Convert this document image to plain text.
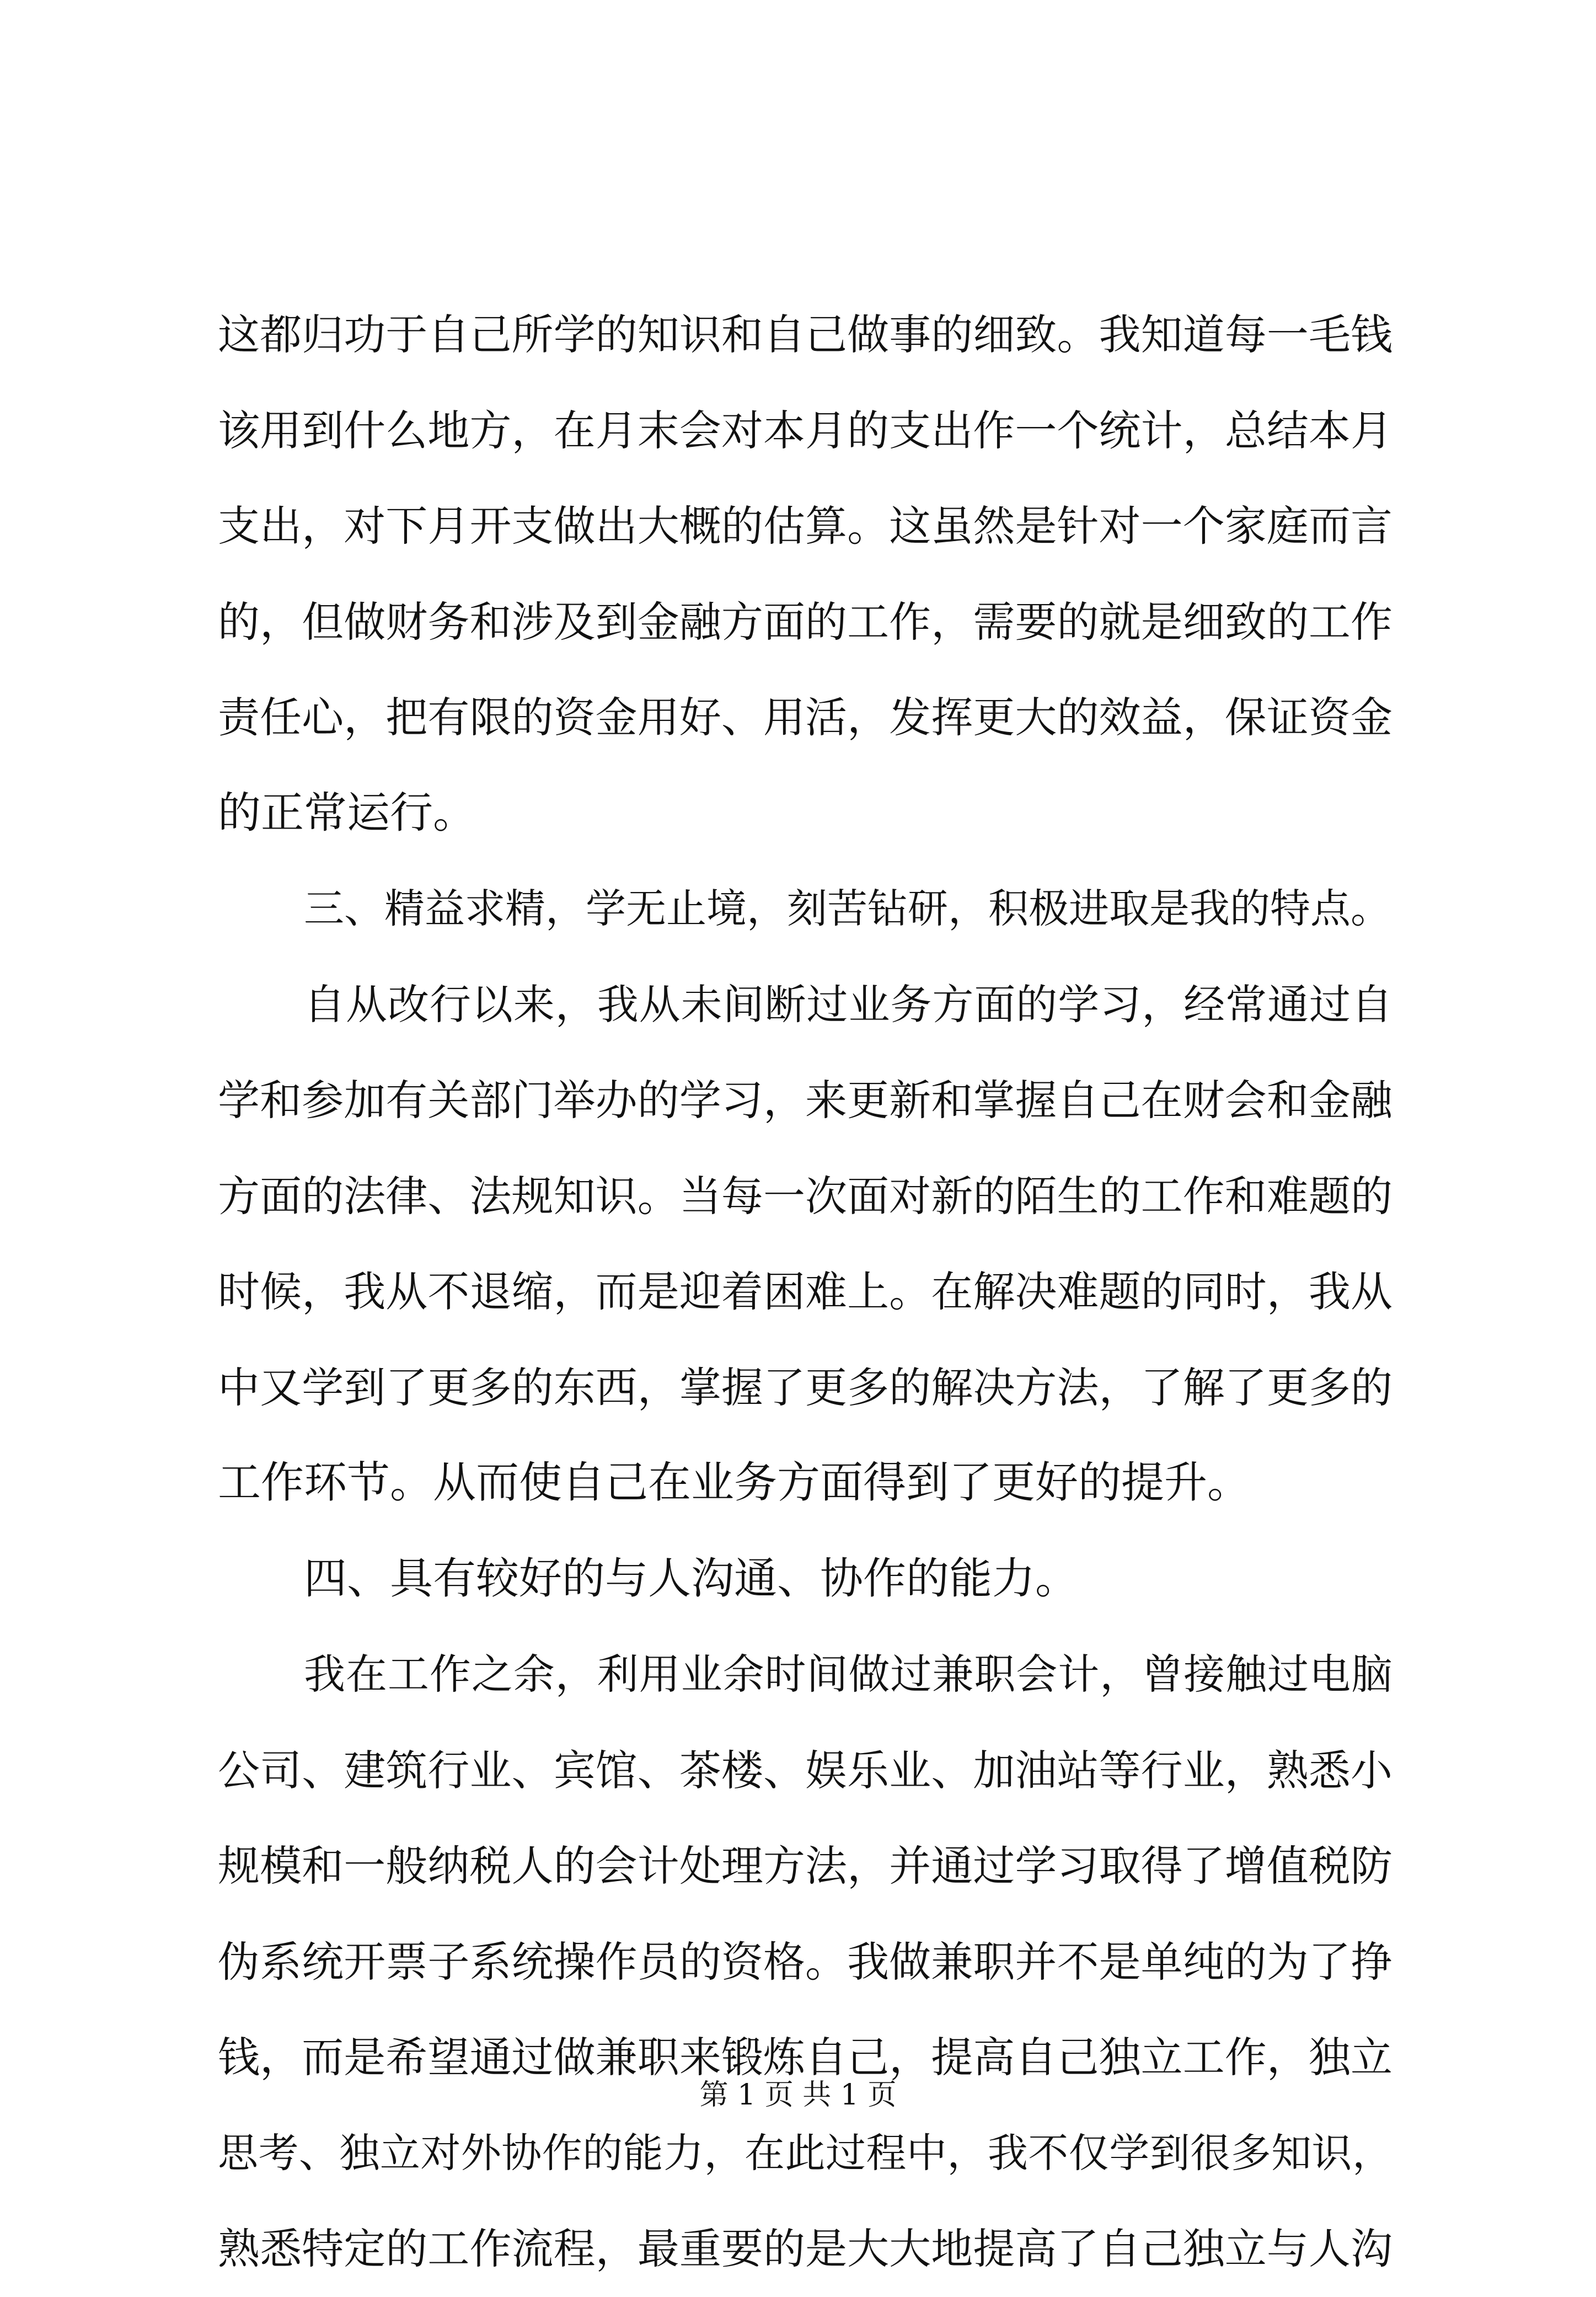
这都归功于自己所学的知识和自己做事的细致。我知道每一毛钱
该用到什么地方，在月末会对本月的支出作一个统计，总结本月
支出，对下月开支做出大概的估算。这虽然是针对一个家庭而言
的，但做财务和涉及到金融方面的工作，需要的就是细致的工作
责任心，把有限的资金用好、用活，发挥更大的效益，保证资金
的正常运行。
三、精益求精，学无止境，刻苦钻研，积极进取是我的特点。
自从改行以来，我从未间断过业务方面的学习，经常通过自
学和参加有关部门举办的学习，来更新和掌握自己在财会和金融
方面的法律、法规知识。当每一次面对新的陌生的工作和难题的
时候，我从不退缩，而是迎着困难上。在解决难题的同时，我从
中又学到了更多的东西，掌握了更多的解决方法，了解了更多的
工作环节。从而使自己在业务方面得到了更好的提升。
四、具有较好的与人沟通、协作的能力。
我在工作之余，利用业余时间做过兼职会计，曾接触过电脑
公司、建筑行业、宾馆、茶楼、娱乐业、加油站等行业，熟悉小
规模和一般纳税人的会计处理方法，并通过学习取得了增值税防
伪系统开票子系统操作员的资格。我做兼职并不是单纯的为了挣
钱，而是希望通过做兼职来锻炼自己，提高自己独立工作，独立
思考、独立对外协作的能力，在此过程中，我不仅学到很多知识，
熟悉特定的工作流程，最重要的是大大地提高了自己独立与人沟
第 1 页 共 1 页
